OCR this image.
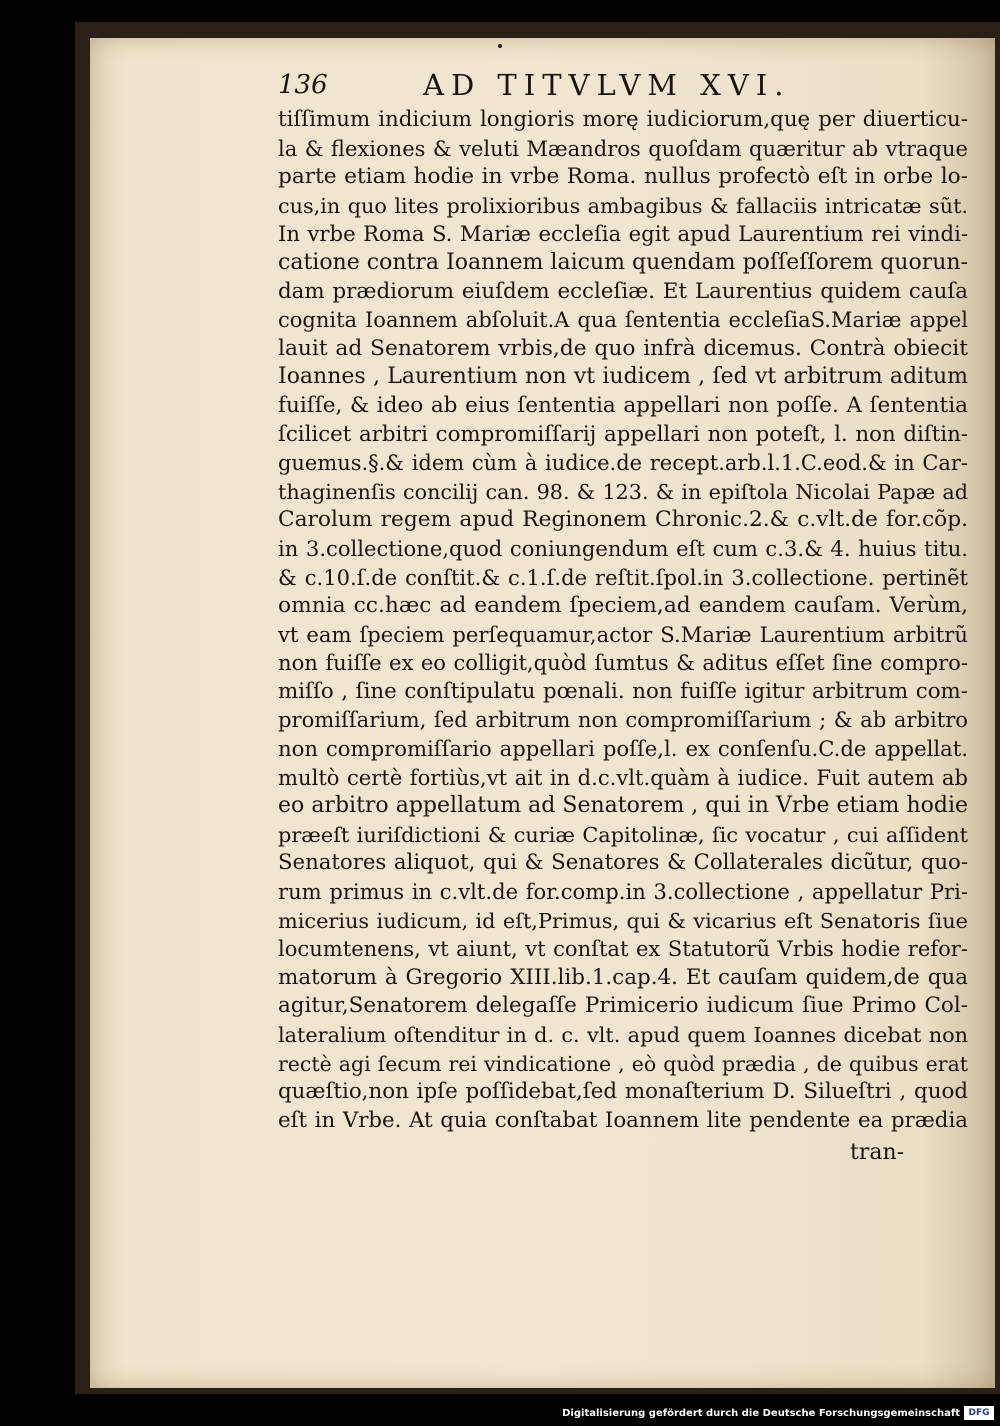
136	AD TITVLVM XVI.
tiſſimum indicium longioris morę iudiciorum,quę per diuerticu-
la & flexiones & veluti Mæandros quoſdam quæritur ab vtraque
parte etiam hodie in vrbe Roma. nullus profectò eſt in orbe lo-
cus,in quo lites prolixioribus ambagibus & fallaciis intricatæ sũt.
In vrbe Roma S. Mariæ eccleſia egit apud Laurentium rei vindi-
catione contra Ioannem laicum quendam poſſeſſorem quorun-
dam prædiorum eiuſdem eccleſiæ. Et Laurentius quidem cauſa
cognita Ioannem abſoluit.A qua ſententia eccleſiaS.Mariæ appel
lauit ad Senatorem vrbis,de quo infrà dicemus. Contrà obiecit
Ioannes , Laurentium non vt iudicem , ſed vt arbitrum aditum
fuiſſe, & ideo ab eius ſententia appellari non poſſe. A ſententia
ſcilicet arbitri compromiſſarij appellari non poteſt, l. non diſtin-
guemus.§.& idem cùm à iudice.de recept.arb.l.1.C.eod.& in Car-
thaginenſis concilij can. 98. & 123. & in epiſtola Nicolai Papæ ad
Carolum regem apud Reginonem Chronic.2.& c.vlt.de for.cõp.
in 3.collectione,quod coniungendum eſt cum c.3.& 4. huius titu.
& c.10.ſ.de conſtit.& c.1.ſ.de reſtit.ſpol.in 3.collectione. pertinẽt
omnia cc.hæc ad eandem ſpeciem,ad eandem cauſam. Verùm,
vt eam ſpeciem perſequamur,actor S.Mariæ Laurentium arbitrũ
non fuiſſe ex eo colligit,quòd ſumtus & aditus eſſet ſine compro-
miſſo , ſine conſtipulatu pœnali. non fuiſſe igitur arbitrum com-
promiſſarium, ſed arbitrum non compromiſſarium ; & ab arbitro
non compromiſſario appellari poſſe,l. ex conſenſu.C.de appellat.
multò certè fortiùs,vt ait in d.c.vlt.quàm à iudice. Fuit autem ab
eo arbitro appellatum ad Senatorem , qui in Vrbe etiam hodie
præeſt iuriſdictioni & curiæ Capitolinæ, ſic vocatur , cui aſſident
Senatores aliquot, qui & Senatores & Collaterales dicũtur, quo-
rum primus in c.vlt.de for.comp.in 3.collectione , appellatur Pri-
micerius iudicum, id eſt,Primus, qui & vicarius eſt Senatoris ſiue
locumtenens, vt aiunt, vt conſtat ex Statutorũ Vrbis hodie refor-
matorum à Gregorio XIII.lib.1.cap.4. Et cauſam quidem,de qua
agitur,Senatorem delegaſſe Primicerio iudicum ſiue Primo Col-
lateralium oſtenditur in d. c. vlt. apud quem Ioannes dicebat non
rectè agi ſecum rei vindicatione , eò quòd prædia , de quibus erat
quæſtio,non ipſe poſſidebat,ſed monaſterium D. Silueſtri , quod
eſt in Vrbe. At quia conſtabat Ioannem lite pendente ea prædia
tran-
Digitalisierung gefördert durch die Deutsche Forschungsgemeinschaft DFG
